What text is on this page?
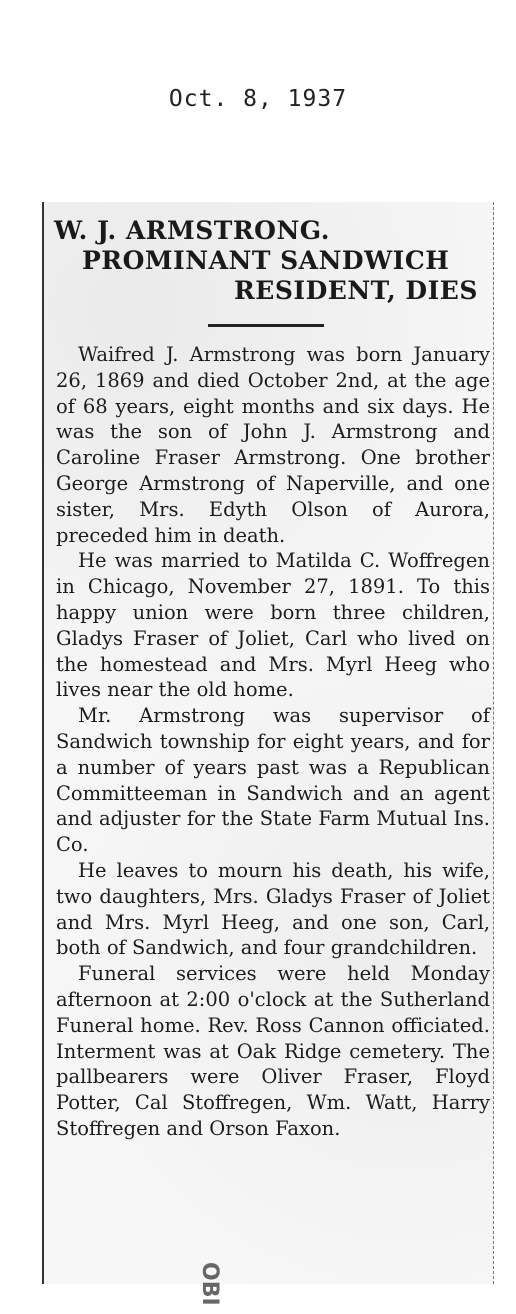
Oct. 8, 1937
W. J. ARMSTRONG.
PROMINANT SANDWICH
RESIDENT, DIES

Waifred J. Armstrong was born January 26, 1869 and died October 2nd, at the age of 68 years, eight months and six days. He was the son of John J. Armstrong and Caroline Fraser Armstrong. One brother George Armstrong of Naperville, and one sister, Mrs. Edyth Olson of Aurora, preceded him in death.

He was married to Matilda C. Woffregen in Chicago, November 27, 1891. To this happy union were born three children, Gladys Fraser of Joliet, Carl who lived on the homestead and Mrs. Myrl Heeg who lives near the old home.

Mr. Armstrong was supervisor of Sandwich township for eight years, and for a number of years past was a Republican Committeeman in Sandwich and an agent and adjuster for the State Farm Mutual Ins. Co.

He leaves to mourn his death, his wife, two daughters, Mrs. Gladys Fraser of Joliet and Mrs. Myrl Heeg, and one son, Carl, both of Sandwich, and four grandchildren.

Funeral services were held Monday afternoon at 2:00 o'clock at the Sutherland Funeral home. Rev. Ross Cannon officiated. Interment was at Oak Ridge cemetery. The pallbearers were Oliver Fraser, Floyd Potter, Cal Stoffregen, Wm. Watt, Harry Stoffregen and Orson Faxon.

OBI
